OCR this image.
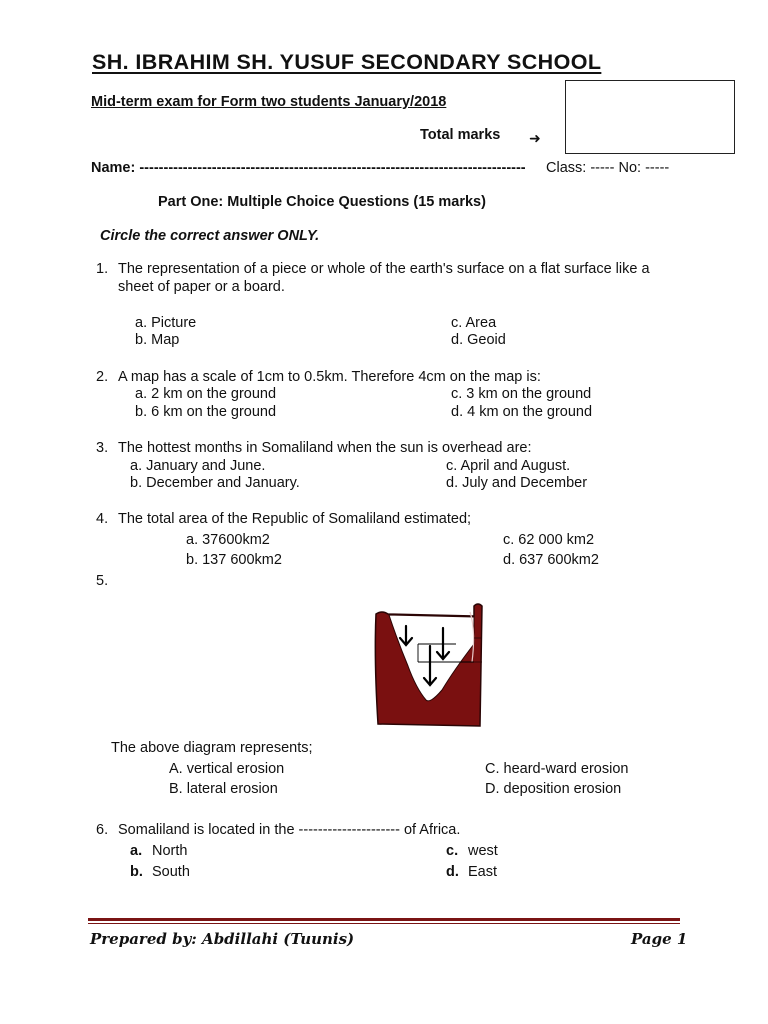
SH. IBRAHIM SH. YUSUF SECONDARY SCHOOL
Mid-term exam for Form two students January/2018
Total marks ➜
Name: -------------------------------------------------------------------------------- Class: ----- No: -----
Part One: Multiple Choice Questions (15 marks)
Circle the correct answer ONLY.
1. The representation of a piece or whole of the earth's surface on a flat surface like a
sheet of paper or a board.
a. Picture
b. Map
c. Area
d. Geoid
2. A map has a scale of 1cm to 0.5km. Therefore 4cm on the map is:
a. 2 km on the ground
b. 6 km on the ground
c. 3 km on the ground
d. 4 km on the ground
3. The hottest months in Somaliland when the sun is overhead are:
a. January and June.
b. December and January.
c. April and August.
d. July and December
4. The total area of the Republic of Somaliland estimated;
a. 37600km2
b. 137 600km2
c. 62 000 km2
d. 637 600km2
5.
The above diagram represents;
A. vertical erosion
B. lateral erosion
C. heard-ward erosion
D. deposition erosion
6. Somaliland is located in the --------------------- of Africa.
a. North
b. South
c. west
d. East
Prepared by: Abdillahi (Tuunis)	Page 1
